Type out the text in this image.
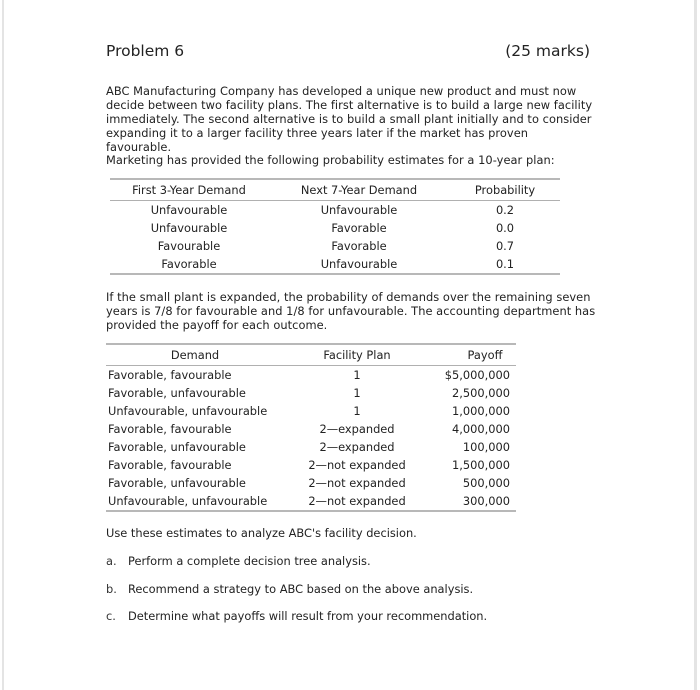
Problem 6	(25 marks)
ABC Manufacturing Company has developed a unique new product and must now decide between two facility plans. The first alternative is to build a large new facility immediately. The second alternative is to build a small plant initially and to consider expanding it to a larger facility three years later if the market has proven favourable.
Marketing has provided the following probability estimates for a 10-year plan:
First 3-Year Demand	Next 7-Year Demand	Probability
Unfavourable	Unfavourable	0.2
Unfavourable	Favorable	0.0
Favourable	Favorable	0.7
Favorable	Unfavourable	0.1
If the small plant is expanded, the probability of demands over the remaining seven years is 7/8 for favourable and 1/8 for unfavourable. The accounting department has provided the payoff for each outcome.
Demand	Facility Plan	Payoff
Favorable, favourable	1	$5,000,000
Favorable, unfavourable	1	2,500,000
Unfavourable, unfavourable	1	1,000,000
Favorable, favourable	2—expanded	4,000,000
Favorable, unfavourable	2—expanded	100,000
Favorable, favourable	2—not expanded	1,500,000
Favorable, unfavourable	2—not expanded	500,000
Unfavourable, unfavourable	2—not expanded	300,000
Use these estimates to analyze ABC's facility decision.
a. Perform a complete decision tree analysis.
b. Recommend a strategy to ABC based on the above analysis.
c.	Determine what payoffs will result from your recommendation.
